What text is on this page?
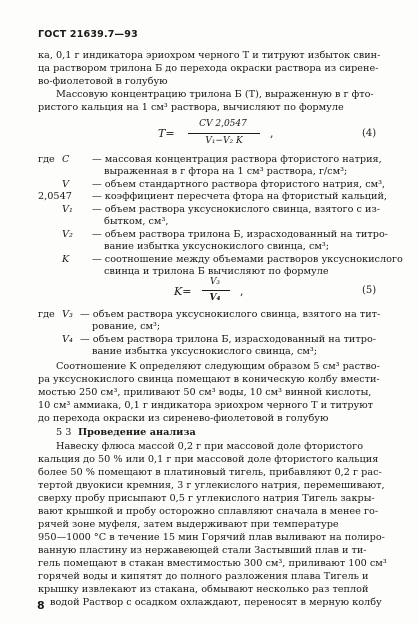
ГОСТ 21639.7—93
ка, 0,1 г индикатора эриохром черного T и титруют избыток свин-
ца раствором трилона Б до перехода окраски раствора из сирене-
во-фиолетовой в голубую
Массовую концентрацию трилона Б (T), выраженную в г фто-
ристого кальция на 1 см³ раствора, вычисляют по формуле
T=
CV 2,0547
V₁−V₂ K
,	(4)
где C — массовая концентрация раствора фтористого натрия,
выраженная в г фтора на 1 см³ раствора, г/см³;
V — объем стандартного раствора фтористого натрия, см³,
2,0547 — коэффициент пересчета фтора на фтористый кальций,
V₁ — объем раствора уксуснокислого свинца, взятого с из-
бытком, см³,
V₂ — объем раствора трилона Б, израсходованный на титро-
вание избытка уксуснокислого свинца, см³;
K — соотношение между объемами растворов уксуснокислого
свинца и трилона Б вычисляют по формуле
K=
V₃
V₄	,	(5)
где V₃ — объем раствора уксуснокислого свинца, взятого на тит-
рование, см³;
V₄ — объем раствора трилона Б, израсходованный на титро-
вание избытка уксуснокислого свинца, см³;
Соотношение K определяют следующим образом 5 см³ раство-
ра уксуснокислого свинца помещают в коническую колбу вмести-
мостью 250 см³, приливают 50 см³ воды, 10 см³ винной кислоты,
10 см³ аммиака, 0,1 г индикатора эриохром черного T и титруют
до перехода окраски из сиреневo-фиолетовой в голубую
5 3 Проведение анализа
Навеску флюса массой 0,2 г при массовой доле фтористого
кальция до 50 % или 0,1 г при массовой доле фтористого кальция
более 50 % помещают в платиновый тигель, прибавляют 0,2 г рас-
тертой двуокиси кремния, 3 г углекислого натрия, перемешивают,
сверху пробу присыпают 0,5 г углекислого натрия Тигель закры-
вают крышкой и пробу осторожно сплавляют сначала в менее го-
рячей зоне муфеля, затем выдерживают при температуре
950—1000 °С в течение 15 мин Горячий плав выливают на полиро-
ванную пластину из нержавеющей стали Застывший плав и ти-
гель помещают в стакан вместимостью 300 см³, приливают 100 см³
горячей воды и кипятят до полного разложения плава Тигель и
крышку извлекают из стакана, обмывают несколько раз теплой
водой Раствор с осадком охлаждают, переносят в мерную колбу
8
